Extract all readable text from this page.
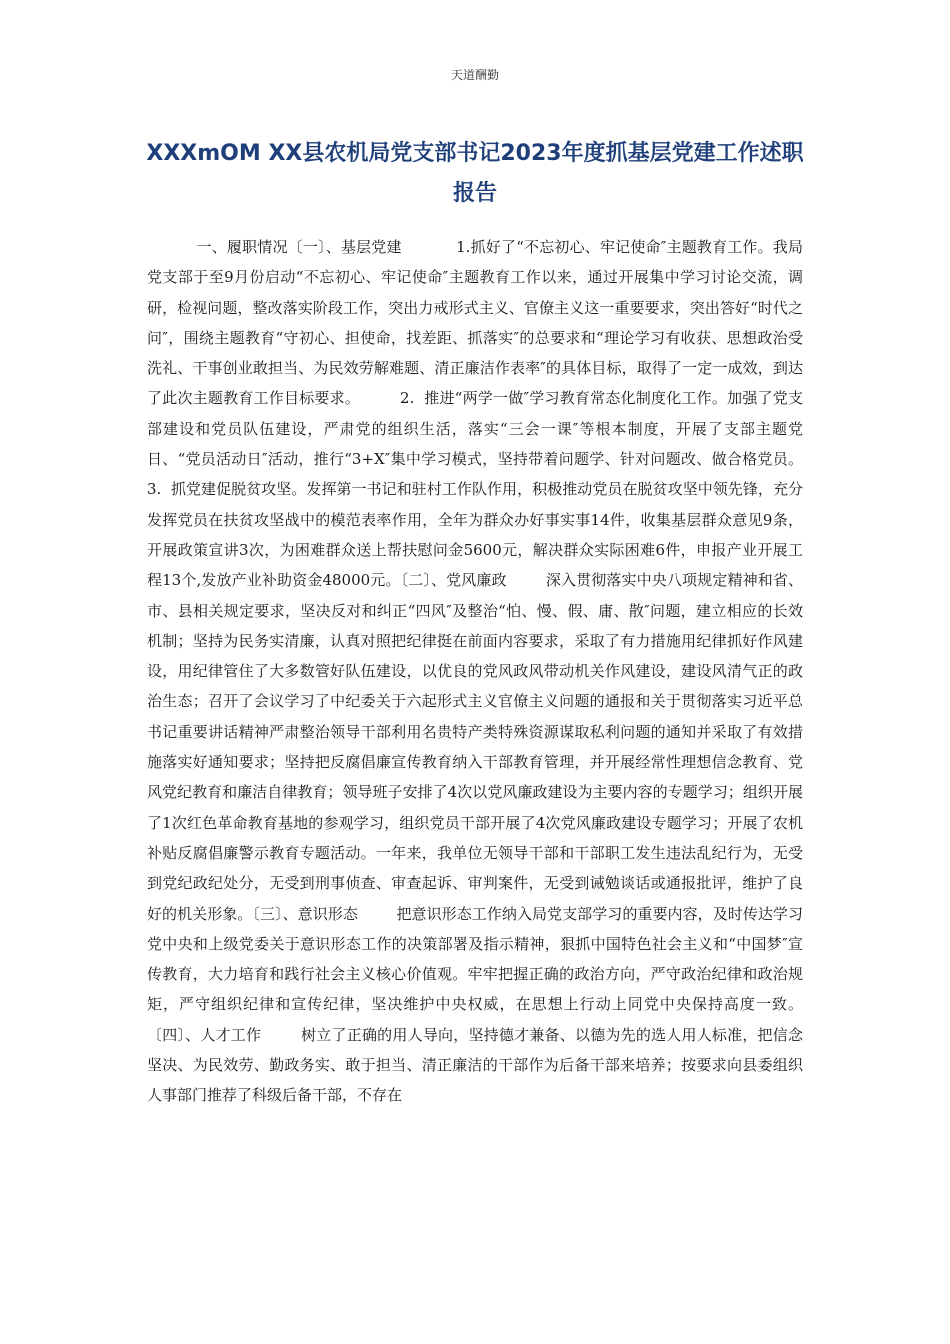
天道酬勤
XXXmOM XX县农机局党支部书记2023年度抓基层党建工作述职报告
一、履职情况〔一〕、基层党建           1.抓好了“不忘初心、牢记使命″主题教育工作。我局党支部于至9月份启动“不忘初心、牢记使命″主题教育工作以来，通过开展集中学习讨论交流，调研，检视问题，整改落实阶段工作，突出力戒形式主义、官僚主义这一重要要求，突出答好“时代之问″，围绕主题教育“守初心、担使命，找差距、抓落实″的总要求和“理论学习有收获、思想政治受洗礼、干事创业敢担当、为民效劳解难题、清正廉洁作表率″的具体目标，取得了一定一成效，到达了此次主题教育工作目标要求。        2.  推进“两学一做″学习教育常态化制度化工作。加强了党支部建设和党员队伍建设，严肃党的组织生活，落实“三会一课″等根本制度，开展了支部主题党日、“党员活动日″活动，推行“3+X″集中学习模式，坚持带着问题学、针对问题改、做合格党员。        3.  抓党建促脱贫攻坚。发挥第一书记和驻村工作队作用，积极推动党员在脱贫攻坚中领先锋，充分发挥党员在扶贫攻坚战中的模范表率作用，全年为群众办好事实事14件，收集基层群众意见9条，开展政策宣讲3次，为困难群众送上帮扶慰问金5600元，解决群众实际困难6件，申报产业开展工程13个,发放产业补助资金48000元。〔二〕、党风廉政        深入贯彻落实中央八项规定精神和省、市、县相关规定要求，坚决反对和纠正“四风″及整治“怕、慢、假、庸、散″问题，建立相应的长效机制；坚持为民务实清廉，认真对照把纪律挺在前面内容要求，采取了有力措施用纪律抓好作风建设，用纪律管住了大多数管好队伍建设，以优良的党风政风带动机关作风建设，建设风清气正的政治生态；召开了会议学习了中纪委关于六起形式主义官僚主义问题的通报和关于贯彻落实习近平总书记重要讲话精神严肃整治领导干部利用名贵特产类特殊资源谋取私利问题的通知并采取了有效措施落实好通知要求；坚持把反腐倡廉宣传教育纳入干部教育管理，并开展经常性理想信念教育、党风党纪教育和廉洁自律教育；领导班子安排了4次以党风廉政建设为主要内容的专题学习；组织开展了1次红色革命教育基地的参观学习，组织党员干部开展了4次党风廉政建设专题学习；开展了农机补贴反腐倡廉警示教育专题活动。一年来，我单位无领导干部和干部职工发生违法乱纪行为，无受到党纪政纪处分，无受到刑事侦查、审查起诉、审判案件，无受到诫勉谈话或通报批评，维护了良好的机关形象。〔三〕、意识形态        把意识形态工作纳入局党支部学习的重要内容，及时传达学习党中央和上级党委关于意识形态工作的决策部署及指示精神，狠抓中国特色社会主义和“中国梦″宣传教育，大力培育和践行社会主义核心价值观。牢牢把握正确的政治方向，严守政治纪律和政治规矩，严守组织纪律和宣传纪律，坚决维护中央权威，在思想上行动上同党中央保持高度一致。〔四〕、人才工作        树立了正确的用人导向，坚持德才兼备、以德为先的选人用人标准，把信念坚决、为民效劳、勤政务实、敢于担当、清正廉洁的干部作为后备干部来培养；按要求向县委组织人事部门推荐了科级后备干部，不存在
